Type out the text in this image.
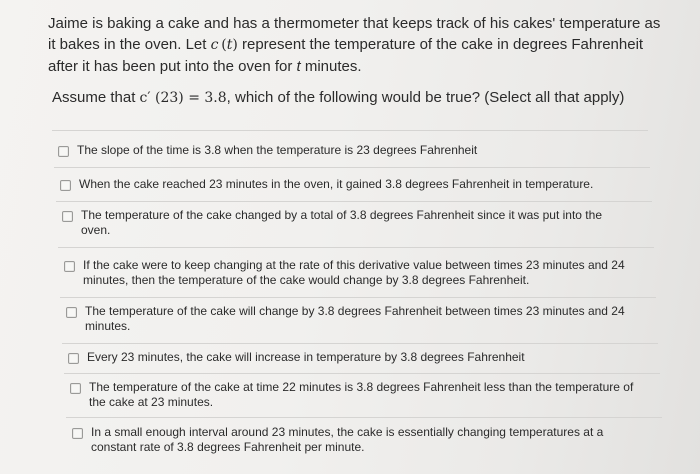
Jaime is baking a cake and has a thermometer that keeps track of his cakes' temperature as it bakes in the oven. Let c (t) represent the temperature of the cake in degrees Fahrenheit after it has been put into the oven for t minutes.

Assume that c′ (23) = 3.8, which of the following would be true? (Select all that apply)
The slope of the time is 3.8 when the temperature is 23 degrees Fahrenheit
When the cake reached 23 minutes in the oven, it gained 3.8 degrees Fahrenheit in temperature.
The temperature of the cake changed by a total of 3.8 degrees Fahrenheit since it was put into the oven.
If the cake were to keep changing at the rate of this derivative value between times 23 minutes and 24 minutes, then the temperature of the cake would change by 3.8 degrees Fahrenheit.
The temperature of the cake will change by 3.8 degrees Fahrenheit between times 23 minutes and 24 minutes.
Every 23 minutes, the cake will increase in temperature by 3.8 degrees Fahrenheit
The temperature of the cake at time 22 minutes is 3.8 degrees Fahrenheit less than the temperature of the cake at 23 minutes.
In a small enough interval around 23 minutes, the cake is essentially changing temperatures at a constant rate of 3.8 degrees Fahrenheit per minute.
